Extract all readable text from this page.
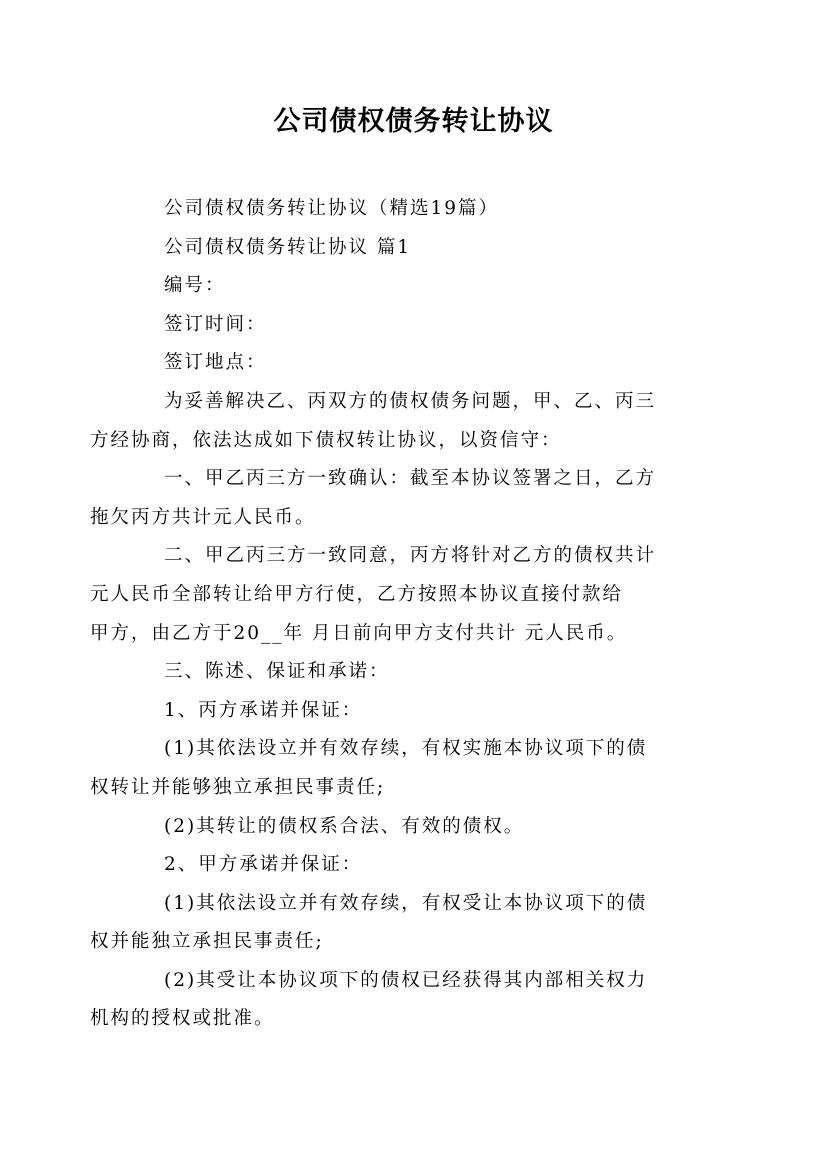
公司债权债务转让协议

公司债权债务转让协议（精选19篇）

公司债权债务转让协议 篇1

编号：

签订时间：

签订地点：

为妥善解决乙、丙双方的债权债务问题，甲、乙、丙三
方经协商，依法达成如下债权转让协议，以资信守：

一、甲乙丙三方一致确认：截至本协议签署之日，乙方
拖欠丙方共计元人民币。

二、甲乙丙三方一致同意，丙方将针对乙方的债权共计
元人民币全部转让给甲方行使，乙方按照本协议直接付款给
甲方，由乙方于20__年 月日前向甲方支付共计 元人民币。

三、陈述、保证和承诺：

1、丙方承诺并保证：

(1)其依法设立并有效存续，有权实施本协议项下的债
权转让并能够独立承担民事责任;

(2)其转让的债权系合法、有效的债权。

2、甲方承诺并保证：

(1)其依法设立并有效存续，有权受让本协议项下的债
权并能独立承担民事责任;

(2)其受让本协议项下的债权已经获得其内部相关权力
机构的授权或批准。
